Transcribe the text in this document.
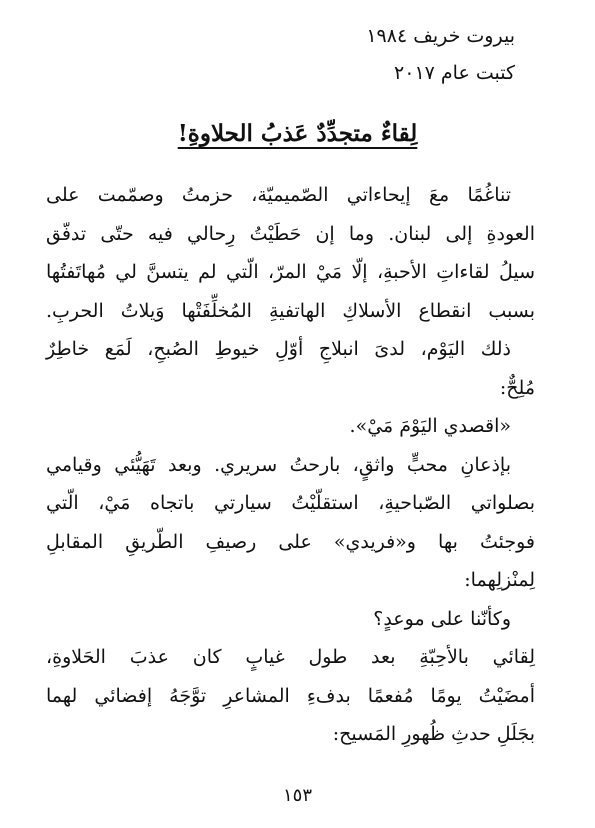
بيروت خريف ١٩٨٤
كتبت عام ٢٠١٧
لِقاءٌ متجدِّدٌ عَذبُ الحلاوةِ!
تناغُمًا معَ إيحاءاتي الصّميميّة، حزمتُ وصمّمت على
العودةِ إلى لبنان. وما إن حَطَيْتُ رِحالي فيه حتّى تدفّق
سيلُ لقاءاتِ الأحبةِ، إلّا مَيْ المرّ، الّتي لم يتسنَّ لي مُهاتَفتُها
بسبب انقطاع الأسلاكِ الهاتفيةِ المُخلِّفَتْها وَيلاتُ الحربِ.
ذلك اليَوْم، لدىَ انبلاجِ أوّلِ خيوطِ الصُبحِ، لَمَع خاطِرٌ
مُلِحٌّ:
«اقصدي اليَوْمَ مَيْ».
بإذعانِ محبٍّ واثقٍ، بارحتُ سريري. وبعد تَهَيُّئي وقيامي
بصلواتي الصّباحيةِ، استقلّيْتُ سيارتي باتجاه مَيْ، الّتي
فوجئتُ بها و«فريدي» على رصيفِ الطّريقِ المقابلِ
لِمنْزلِهما:
وكأنّنا على موعدٍ؟
لِقائي بالأحِبّةِ بعد طول غيابٍ كان عذبَ الحَلاوةِ،
أمضَيْتُ يومًا مُفعمًا بدفءِ المشاعرِ توَّجَهُ إفضائي لهما
بجَلَلِ حدثِ ظُهورِ المَسيح:
١٥٣
